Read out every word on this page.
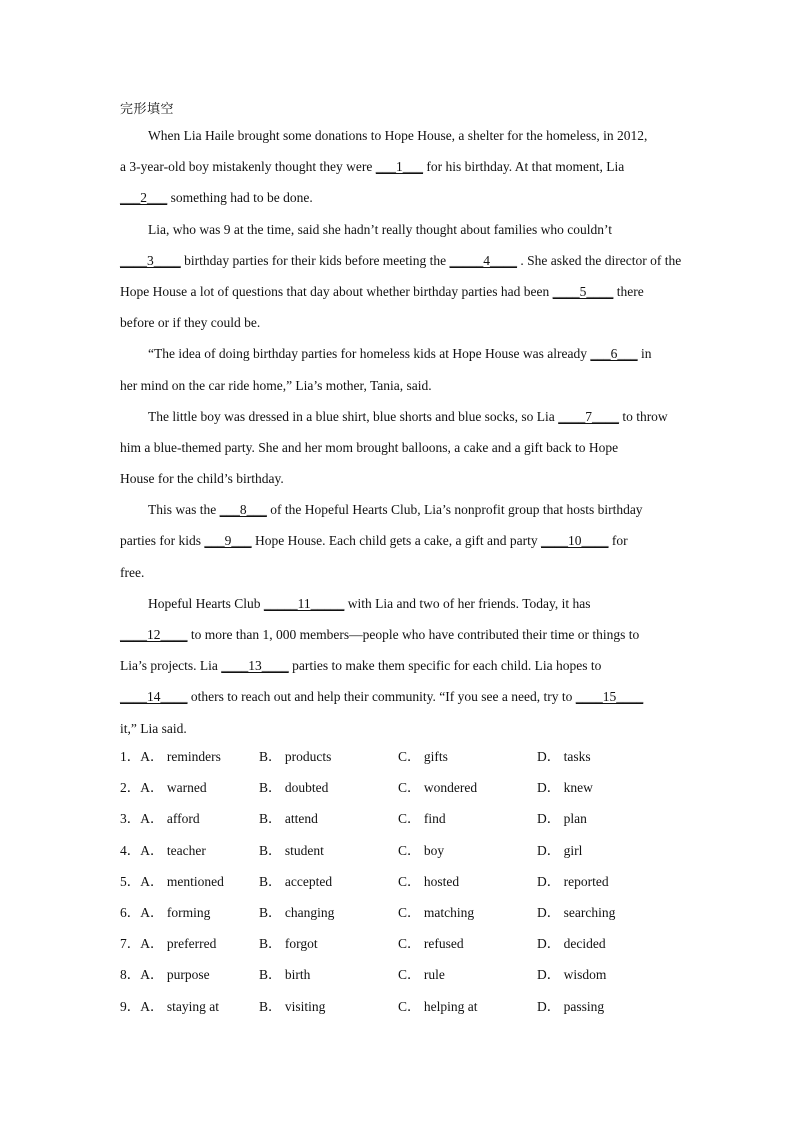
完形填空
When Lia Haile brought some donations to Hope House, a shelter for the homeless, in 2012,
a 3-year-old boy mistakenly thought they were ___1___ for his birthday. At that moment, Lia
___2___ something had to be done.
Lia, who was 9 at the time, said she hadn’t really thought about families who couldn’t
____3____ birthday parties for their kids before meeting the _____4____ . She asked the director of the
Hope House a lot of questions that day about whether birthday parties had been ____5____ there
before or if they could be.
“The idea of doing birthday parties for homeless kids at Hope House was already ___6___ in
her mind on the car ride home,” Lia’s mother, Tania, said.
The little boy was dressed in a blue shirt, blue shorts and blue socks, so Lia ____7____ to throw
him a blue-themed party. She and her mom brought balloons, a cake and a gift back to Hope
House for the child’s birthday.
This was the ___8___ of the Hopeful Hearts Club, Lia’s nonprofit group that hosts birthday
parties for kids ___9___ Hope House. Each child gets a cake, a gift and party ____10____ for
free.
Hopeful Hearts Club _____11_____ with Lia and two of her friends. Today, it has
____12____ to more than 1, 000 members—people who have contributed their time or things to
Lia’s projects. Lia ____13____ parties to make them specific for each child. Lia hopes to
____14____ others to reach out and help their community. “If you see a need, try to ____15____
it,” Lia said.
1．A． reminders	B． products	C． gifts	D． tasks
2．A． warned	B． doubted	C． wondered	D． knew
3．A． afford	B． attend	C． find	D． plan
4．A． teacher	B． student	C． boy	D． girl
5．A． mentioned	B． accepted	C． hosted	D． reported
6．A． forming	B． changing	C． matching	D． searching
7．A． preferred	B． forgot	C． refused	D． decided
8．A． purpose	B． birth	C． rule	D． wisdom
9．A． staying at	B． visiting	C． helping at	D． passing
